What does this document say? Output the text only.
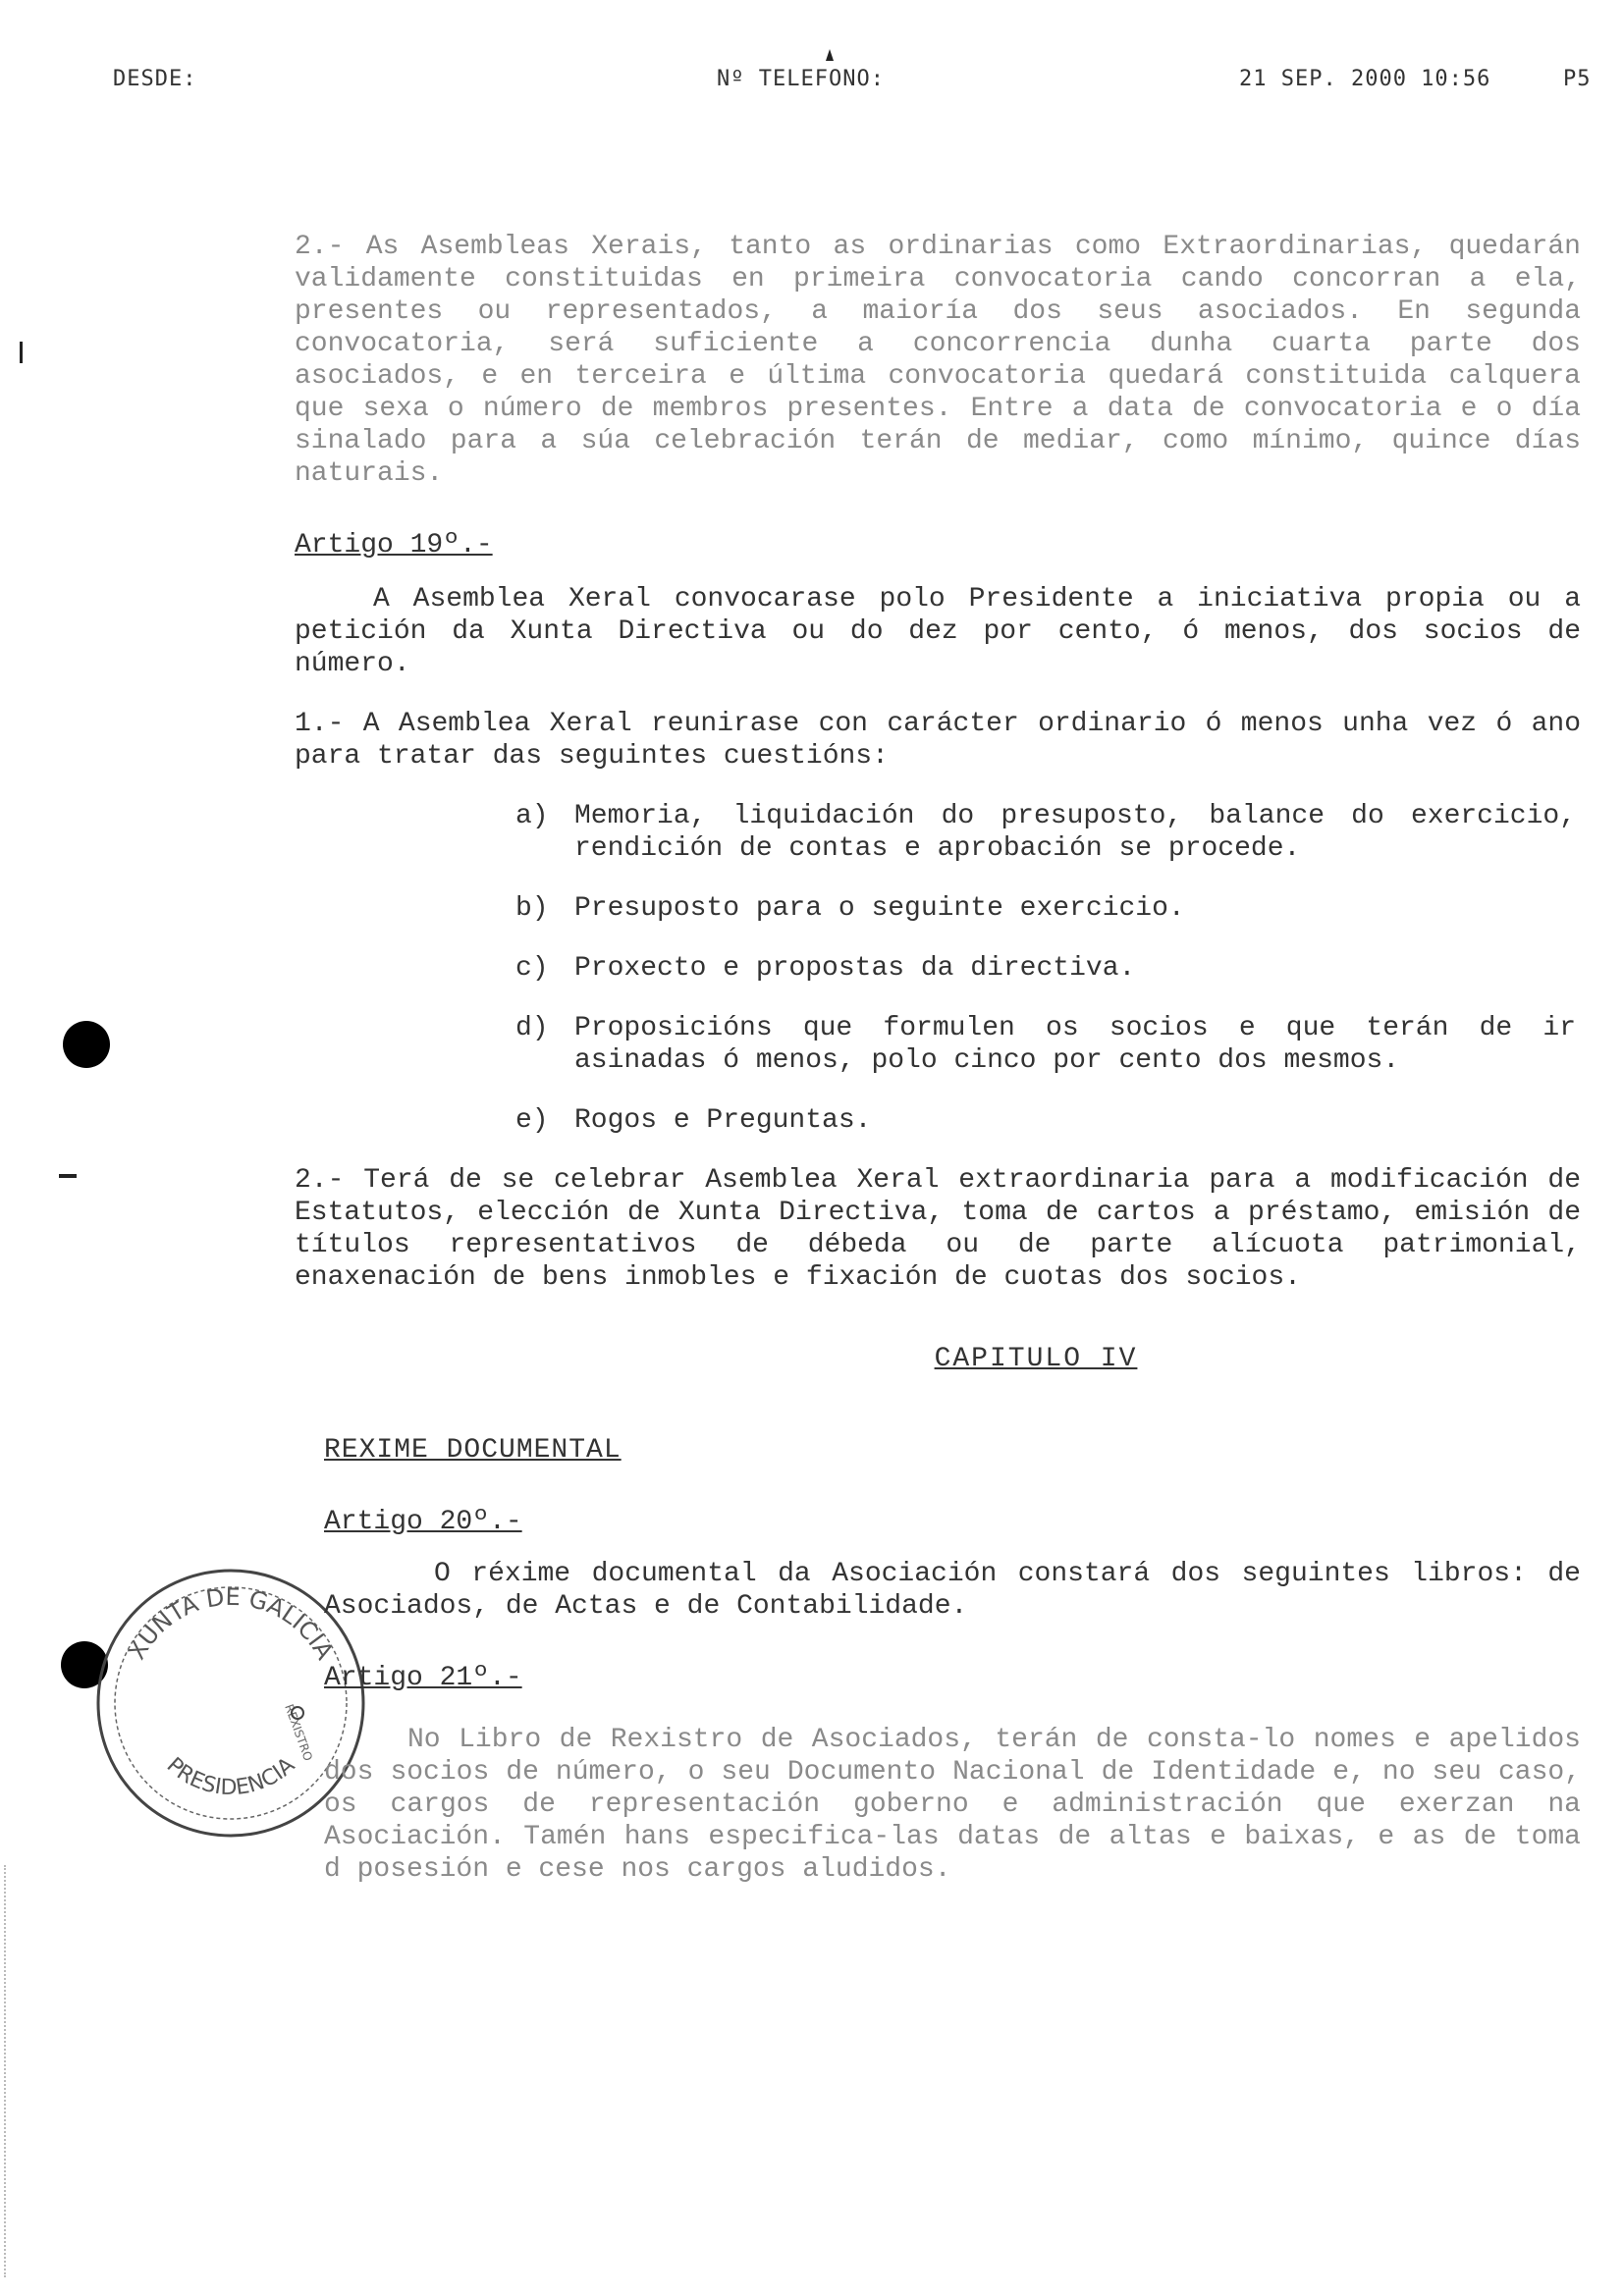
DESDE:	Nº TELEFONO:	21 SEP. 2000 10:56	P5
XUNTA DE GALICIA
PRESIDENCIA
REXISTRO

2.- As Asembleas Xerais, tanto as ordinarias como Extraordinarias, quedarán validamente constituidas en primeira convocatoria cando concorran a ela, presentes ou representados, a maioría dos seus asociados. En segunda convocatoria, será suficiente a concorrencia dunha cuarta parte dos asociados, e en terceira e última convocatoria quedará constituida calquera que sexa o número de membros presentes. Entre a data de convocatoria e o día sinalado para a súa celebración terán de mediar, como mínimo, quince días naturais.

Artigo 19º.-

A Asemblea Xeral convocarase polo Presidente a iniciativa propia ou a petición da Xunta Directiva ou do dez por cento, ó menos, dos socios de número.

1.- A Asemblea Xeral reunirase con carácter ordinario ó menos unha vez ó ano para tratar das seguintes cuestións:

a) Memoria, liquidación do presuposto, balance do exercicio, rendición de contas e aprobación se procede.
b) Presuposto para o seguinte exercicio.
c) Proxecto e propostas da directiva.
d) Proposicións que formulen os socios e que terán de ir asinadas ó menos, polo cinco por cento dos mesmos.
e) Rogos e Preguntas.

2.- Terá de se celebrar Asemblea Xeral extraordinaria para a modificación de Estatutos, elección de Xunta Directiva, toma de cartos a préstamo, emisión de títulos representativos de débeda ou de parte alícuota patrimonial, enaxenación de bens inmobles e fixación de cuotas dos socios.

CAPITULO IV

REXIME DOCUMENTAL

Artigo 20º.-

O réxime documental da Asociación constará dos seguintes libros: de Asociados, de Actas e de Contabilidade.

Artigo 21º.-

No Libro de Rexistro de Asociados, terán de consta-lo nomes e apelidos dos socios de número, o seu Documento Nacional de Identidade e, no seu caso, os cargos de representación goberno e administración que exerzan na Asociación. Tamén hans especifica-las datas de altas e baixas, e as de toma d posesión e cese nos cargos aludidos.
